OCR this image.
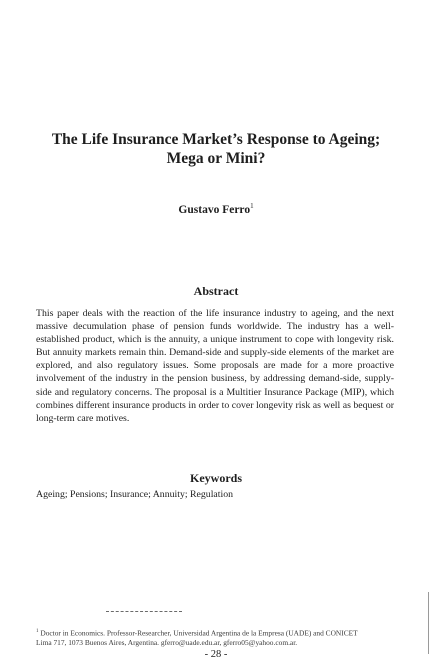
The Life Insurance Market’s Response to Ageing;
Mega or Mini?

Gustavo Ferro$^1$

Abstract

This paper deals with the reaction of the life insurance industry to ageing, and the next massive decumulation phase of pension funds worldwide. The industry has a well-established product, which is the annuity, a unique instrument to cope with longevity risk. But annuity markets remain thin. Demand-side and supply-side elements of the market are explored, and also regulatory issues. Some proposals are made for a more proactive involvement of the industry in the pension business, by addressing demand-side, supply-side and regulatory concerns. The proposal is a Multitier Insurance Package (MIP), which combines different insurance products in order to cover longevity risk as well as bequest or long-term care motives.

Keywords

Ageing; Pensions; Insurance; Annuity; Regulation

$^1$ Doctor in Economics. Professor-Researcher, Universidad Argentina de la Empresa (UADE) and CONICET
Lima 717, 1073 Buenos Aires, Argentina. gferro@uade.edu.ar, gferro05@yahoo.com.ar.

- 28 -
